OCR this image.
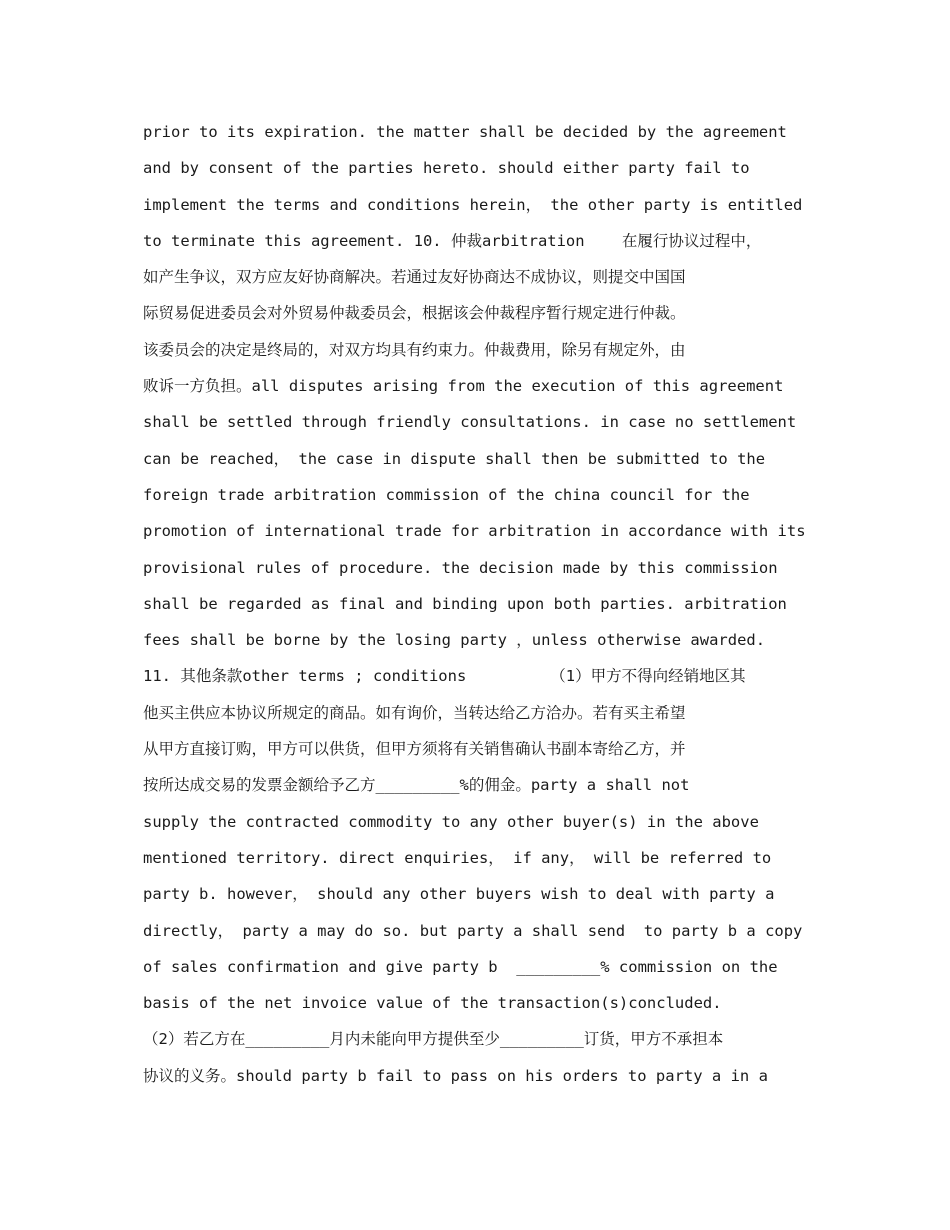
prior to its expiration. the matter shall be decided by the agreement
and by consent of the parties hereto. should either party fail to
implement the terms and conditions herein， the other party is entitled
to terminate this agreement. 10. 仲裁arbitration    在履行协议过程中，
如产生争议，双方应友好协商解决。若通过友好协商达不成协议，则提交中国国
际贸易促进委员会对外贸易仲裁委员会，根据该会仲裁程序暂行规定进行仲裁。
该委员会的决定是终局的，对双方均具有约束力。仲裁费用，除另有规定外，由
败诉一方负担。all disputes arising from the execution of this agreement
shall be settled through friendly consultations. in case no settlement
can be reached， the case in dispute shall then be submitted to the
foreign trade arbitration commission of the china council for the
promotion of international trade for arbitration in accordance with its
provisional rules of procedure. the decision made by this commission
shall be regarded as final and binding upon both parties. arbitration
fees shall be borne by the losing party ，unless otherwise awarded.
11. 其他条款other terms ; conditions         （1）甲方不得向经销地区其
他买主供应本协议所规定的商品。如有询价，当转达给乙方洽办。若有买主希望
从甲方直接订购，甲方可以供货，但甲方须将有关销售确认书副本寄给乙方，并
按所达成交易的发票金额给予乙方_________%的佣金。party a shall not
supply the contracted commodity to any other buyer(s) in the above
mentioned territory. direct enquiries， if any， will be referred to
party b. however， should any other buyers wish to deal with party a
directly， party a may do so. but party a shall send  to party b a copy
of sales confirmation and give party b  _________% commission on the
basis of the net invoice value of the transaction(s)concluded.
（2）若乙方在_________月内未能向甲方提供至少_________订货，甲方不承担本
协议的义务。should party b fail to pass on his orders to party a in a
